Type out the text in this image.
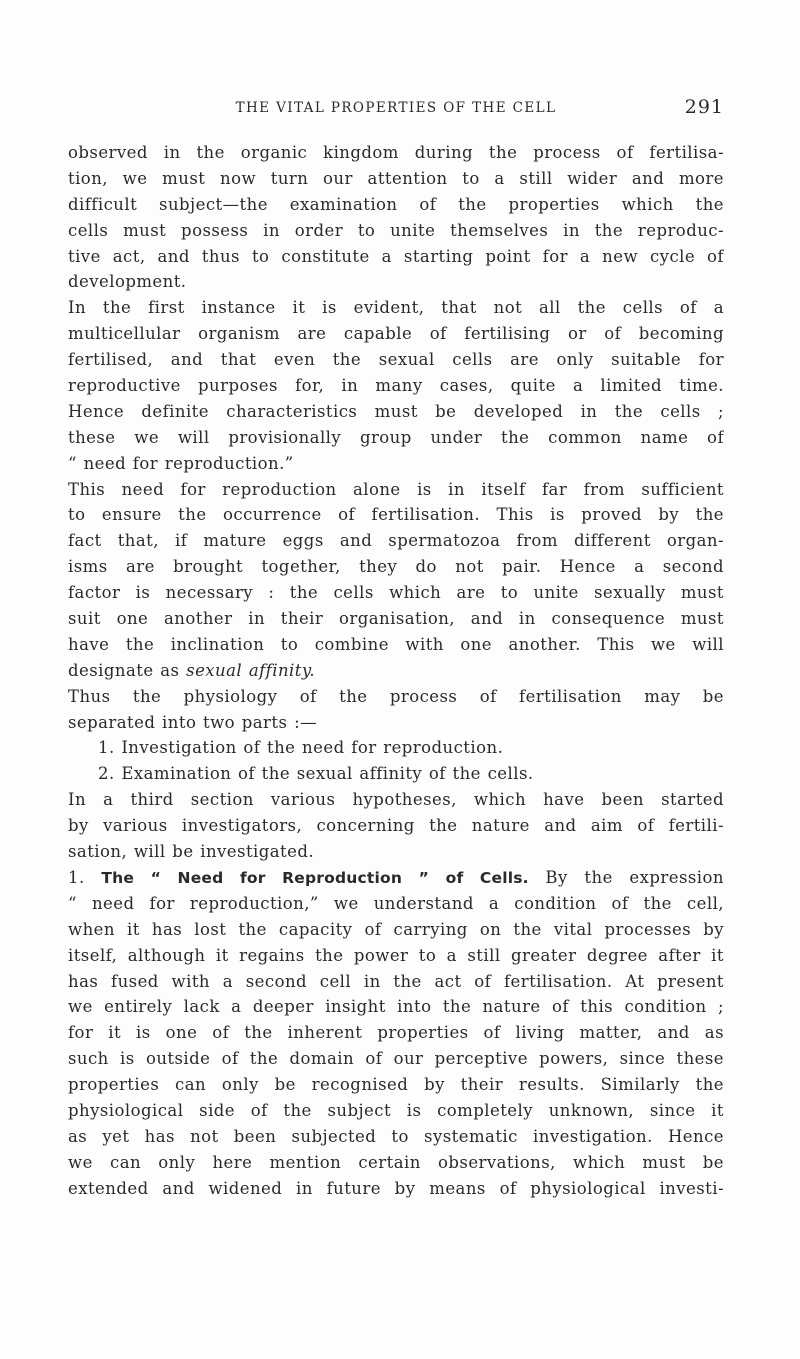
THE VITAL PROPERTIES OF THE CELL	291
observed in the organic kingdom during the process of fertilisa-
tion, we must now turn our attention to a still wider and more
difficult subject—the examination of the properties which the
cells must possess in order to unite themselves in the reproduc-
tive act, and thus to constitute a starting point for a new cycle of
development.
In the first instance it is evident, that not all the cells of a
multicellular organism are capable of fertilising or of becoming
fertilised, and that even the sexual cells are only suitable for
reproductive purposes for, in many cases, quite a limited time.
Hence definite characteristics must be developed in the cells ;
these we will provisionally group under the common name of
“ need for reproduction.”
This need for reproduction alone is in itself far from sufficient
to ensure the occurrence of fertilisation. This is proved by the
fact that, if mature eggs and spermatozoa from different organ-
isms are brought together, they do not pair. Hence a second
factor is necessary : the cells which are to unite sexually must
suit one another in their organisation, and in consequence must
have the inclination to combine with one another. This we will
designate as sexual affinity.
Thus the physiology of the process of fertilisation may be
separated into two parts :—
1. Investigation of the need for reproduction.
2. Examination of the sexual affinity of the cells.
In a third section various hypotheses, which have been started
by various investigators, concerning the nature and aim of fertili-
sation, will be investigated.
1. The “ Need for Reproduction ” of Cells. By the expression
“ need for reproduction,” we understand a condition of the cell,
when it has lost the capacity of carrying on the vital processes by
itself, although it regains the power to a still greater degree after it
has fused with a second cell in the act of fertilisation. At present
we entirely lack a deeper insight into the nature of this condition ;
for it is one of the inherent properties of living matter, and as
such is outside of the domain of our perceptive powers, since these
properties can only be recognised by their results. Similarly the
physiological side of the subject is completely unknown, since it
as yet has not been subjected to systematic investigation. Hence
we can only here mention certain observations, which must be
extended and widened in future by means of physiological investi-
